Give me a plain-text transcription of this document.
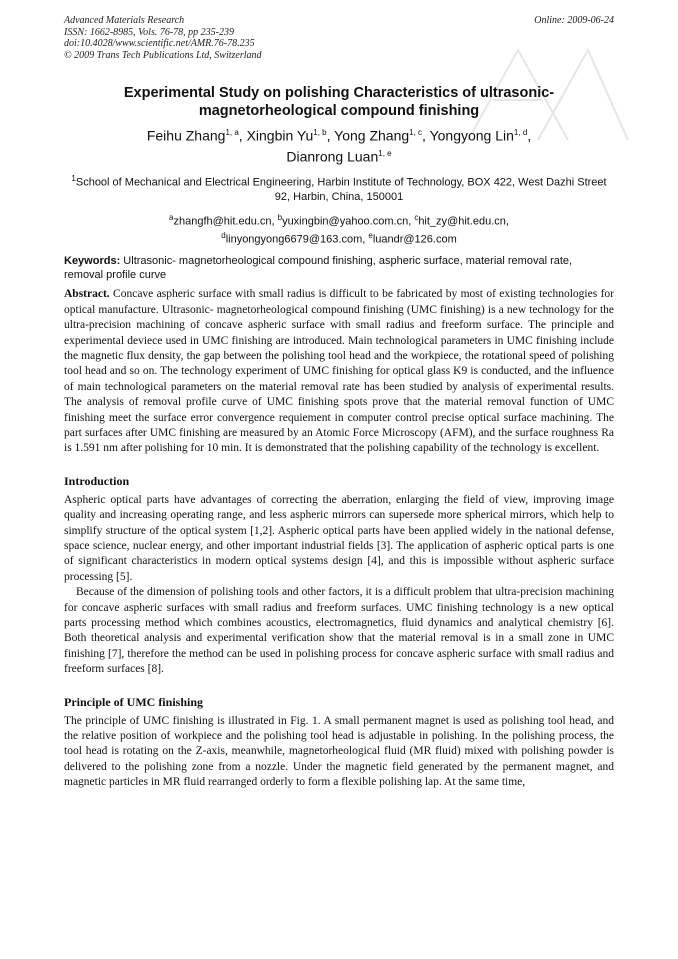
Advanced Materials Research
ISSN: 1662-8985, Vols. 76-78, pp 235-239
doi:10.4028/www.scientific.net/AMR.76-78.235
© 2009 Trans Tech Publications Ltd, Switzerland
Online: 2009-06-24
Experimental Study on polishing Characteristics of ultrasonic-
magnetorheological compound finishing
Feihu Zhang$^{1, a}$, Xingbin Yu$^{1, b}$, Yong Zhang$^{1, c}$, Yongyong Lin$^{1, d}$,
Dianrong Luan$^{1, e}$
$^1$School of Mechanical and Electrical Engineering, Harbin Institute of Technology, BOX 422, West Dazhi Street 92, Harbin, China, 150001
$^a$zhangfh@hit.edu.cn, $^b$yuxingbin@yahoo.com.cn, $^c$hit_zy@hit.edu.cn,
$^d$linyongyong6679@163.com, $^e$luandr@126.com
Keywords: Ultrasonic- magnetorheological compound finishing, aspheric surface, material removal rate, removal profile curve

Abstract. Concave aspheric surface with small radius is difficult to be fabricated by most of existing technologies for optical manufacture. Ultrasonic- magnetorheological compound finishing (UMC finishing) is a new technology for the ultra-precision machining of concave aspheric surface with small radius and freeform surface. The principle and experimental deviece used in UMC finishing are introduced. Main technological parameters in UMC finishing include the magnetic flux density, the gap between the polishing tool head and the workpiece, the rotational speed of polishing tool head and so on. The technology experiment of UMC finishing for optical glass K9 is conducted, and the influence of main technological parameters on the material removal rate has been studied by analysis of experimental results. The analysis of removal profile curve of UMC finishing spots prove that the material removal function of UMC finishing meet the surface error convergence requiement in computer control precise optical surface machining. The part surfaces after UMC finishing are measured by an Atomic Force Microscopy (AFM), and the surface roughness Ra is 1.591 nm after polishing for 10 min. It is demonstrated that the polishing capability of the technology is excellent.

Introduction

Aspheric optical parts have advantages of correcting the aberration, enlarging the field of view, improving image quality and increasing operating range, and less aspheric mirrors can supersede more spherical mirrors, which help to simplify structure of the optical system [1,2]. Aspheric optical parts have been applied widely in the national defense, space science, nuclear energy, and other important industrial fields [3]. The application of aspheric optical parts is one of significant characteristics in modern optical systems design [4], and this is impossible without aspheric surface processing [5].

Because of the dimension of polishing tools and other factors, it is a difficult problem that ultra-precision machining for concave aspheric surfaces with small radius and freeform surfaces. UMC finishing technology is a new optical parts processing method which combines acoustics, electromagnetics, fluid dynamics and analytical chemistry [6]. Both theoretical analysis and experimental verification show that the material removal is in a small zone in UMC finishing [7], therefore the method can be used in polishing process for concave aspheric surface with small radius and freeform surfaces [8].

Principle of UMC finishing

The principle of UMC finishing is illustrated in Fig. 1. A small permanent magnet is used as polishing tool head, and the relative position of workpiece and the polishing tool head is adjustable in polishing. In the polishing process, the tool head is rotating on the Z-axis, meanwhile, magnetorheological fluid (MR fluid) mixed with polishing powder is delivered to the polishing zone from a nozzle. Under the magnetic field generated by the permanent magnet, and magnetic particles in MR fluid rearranged orderly to form a flexible polishing lap. At the same time,
